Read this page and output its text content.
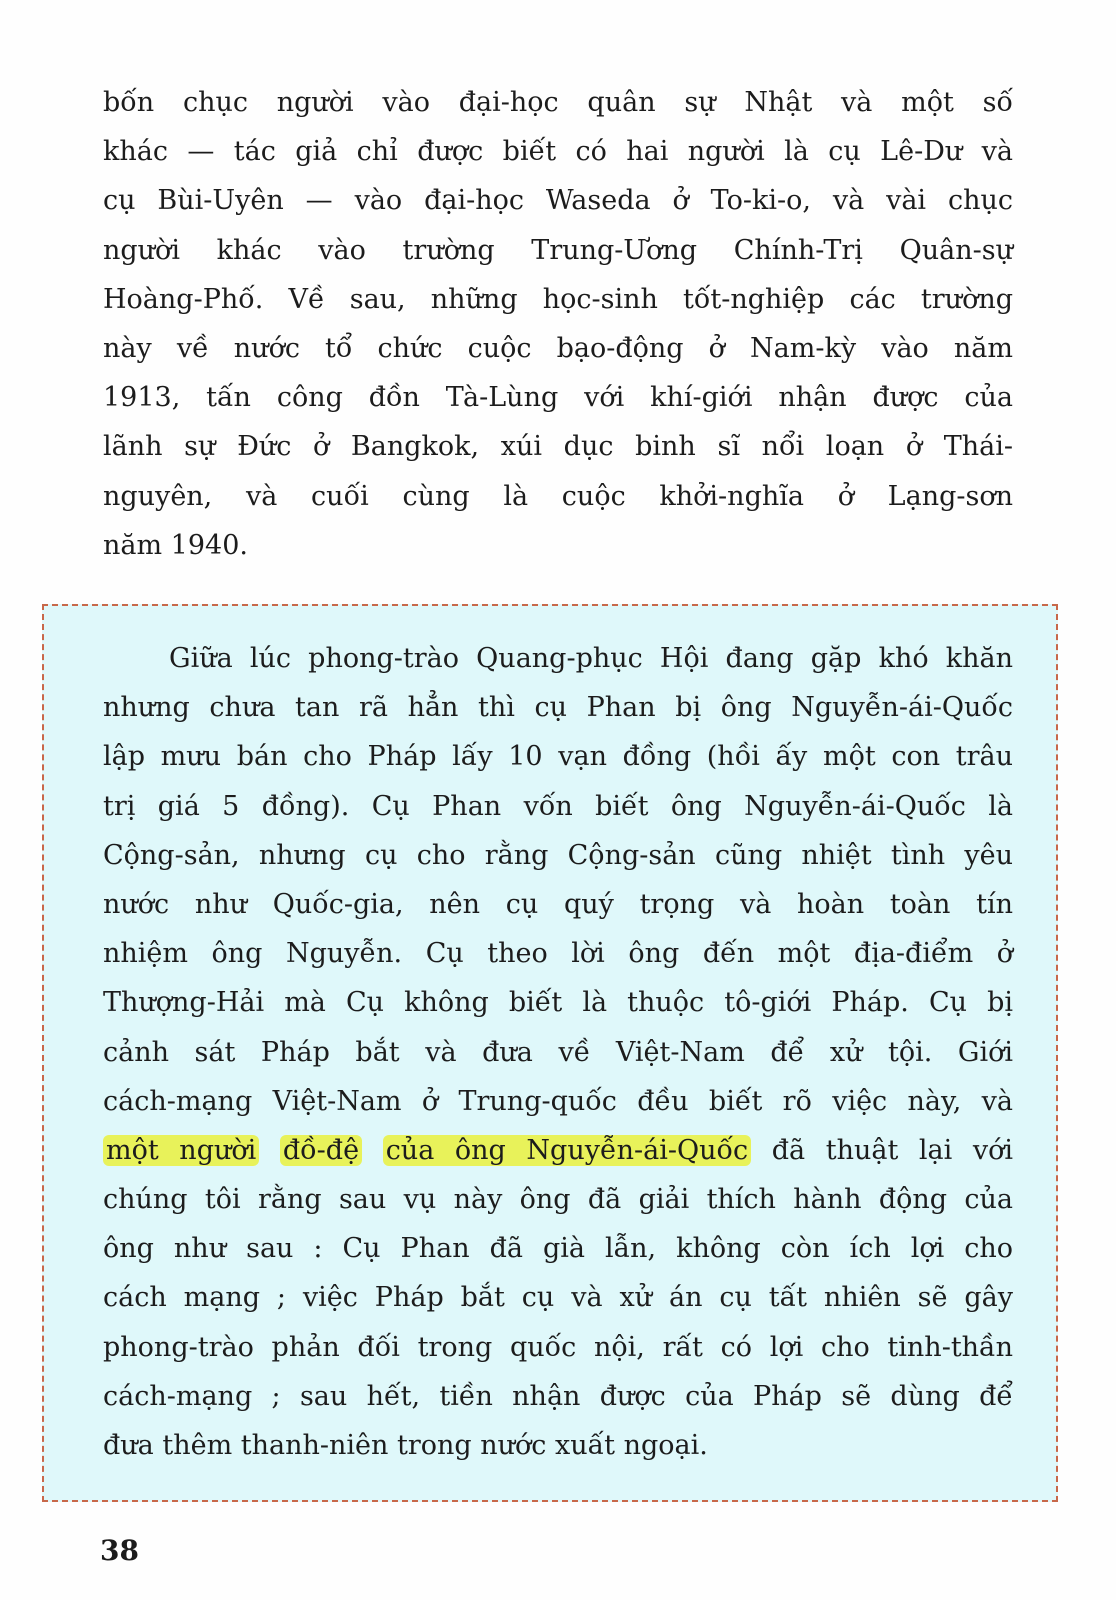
bốn chục người vào đại-học quân sự Nhật và một số
khác — tác giả chỉ được biết có hai người là cụ Lê-Dư và
cụ Bùi-Uyên — vào đại-học Waseda ở To-ki-o, và vài chục
người khác vào trường Trung-Ương Chính-Trị Quân-sự
Hoàng-Phố. Về sau, những học-sinh tốt-nghiệp các trường
này về nước tổ chức cuộc bạo-động ở Nam-kỳ vào năm
1913, tấn công đồn Tà-Lùng với khí-giới nhận được của
lãnh sự Đức ở Bangkok, xúi dục binh sĩ nổi loạn ở Thái-
nguyên, và cuối cùng là cuộc khởi-nghĩa ở Lạng-sơn
năm 1940.
Giữa lúc phong-trào Quang-phục Hội đang gặp khó khăn
nhưng chưa tan rã hẳn thì cụ Phan bị ông Nguyễn-ái-Quốc
lập mưu bán cho Pháp lấy 10 vạn đồng (hồi ấy một con trâu
trị giá 5 đồng). Cụ Phan vốn biết ông Nguyễn-ái-Quốc là
Cộng-sản, nhưng cụ cho rằng Cộng-sản cũng nhiệt tình yêu
nước như Quốc-gia, nên cụ quý trọng và hoàn toàn tín
nhiệm ông Nguyễn. Cụ theo lời ông đến một địa-điểm ở
Thượng-Hải mà Cụ không biết là thuộc tô-giới Pháp. Cụ bị
cảnh sát Pháp bắt và đưa về Việt-Nam để xử tội. Giới
cách-mạng Việt-Nam ở Trung-quốc đều biết rõ việc này, và
một người đồ-đệ của ông Nguyễn-ái-Quốc đã thuật lại với
chúng tôi rằng sau vụ này ông đã giải thích hành động của
ông như sau : Cụ Phan đã già lẫn, không còn ích lợi cho
cách mạng ; việc Pháp bắt cụ và xử án cụ tất nhiên sẽ gây
phong-trào phản đối trong quốc nội, rất có lợi cho tinh-thần
cách-mạng ; sau hết, tiền nhận được của Pháp sẽ dùng để
đưa thêm thanh-niên trong nước xuất ngoại.
38
